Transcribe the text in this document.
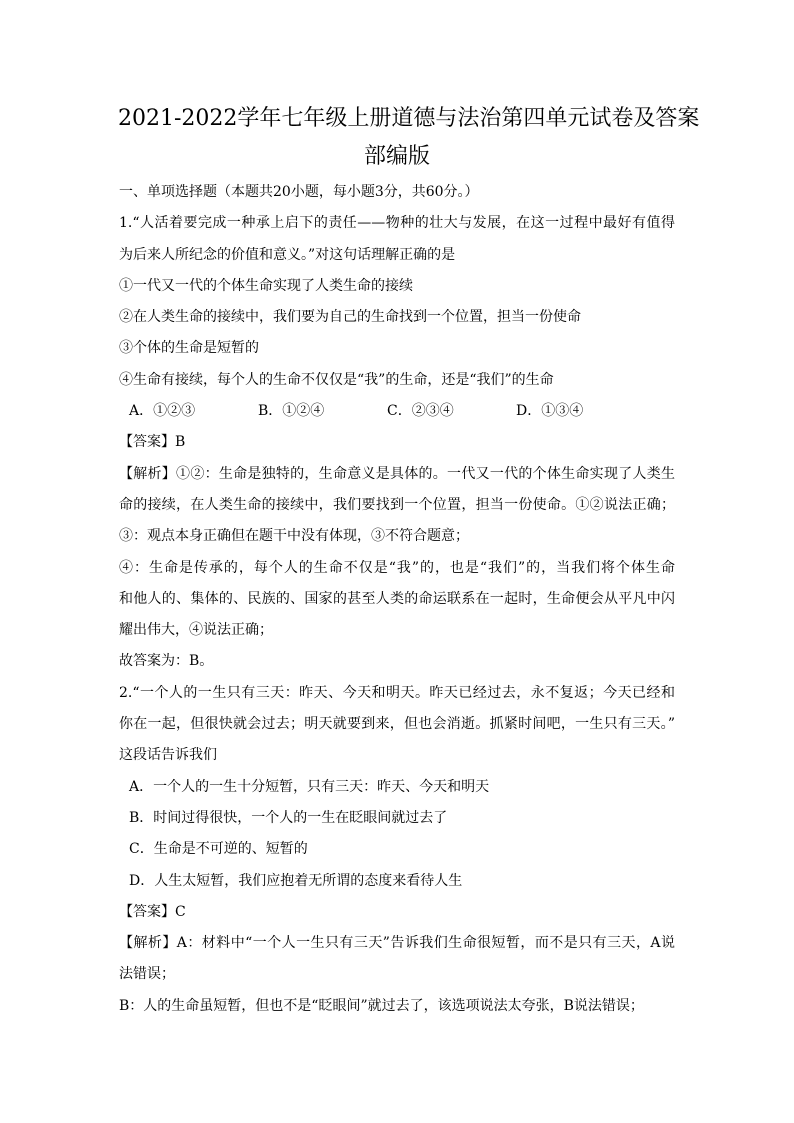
2021-2022学年七年级上册道德与法治第四单元试卷及答案
部编版
一、单项选择题（本题共20小题，每小题3分，共60分。）
1.“人活着要完成一种承上启下的责任——物种的壮大与发展，在这一过程中最好有值得
为后来人所纪念的价值和意义。”对这句话理解正确的是
①一代又一代的个体生命实现了人类生命的接续
②在人类生命的接续中，我们要为自己的生命找到一个位置，担当一份使命
③个体的生命是短暂的
④生命有接续，每个人的生命不仅仅是“我”的生命，还是“我们”的生命
A．①②③	B．①②④	C．②③④	D．①③④
【答案】B
【解析】①②：生命是独特的，生命意义是具体的。一代又一代的个体生命实现了人类生
命的接续，在人类生命的接续中，我们要找到一个位置，担当一份使命。①②说法正确；
③：观点本身正确但在题干中没有体现，③不符合题意；
④：生命是传承的，每个人的生命不仅是“我”的，也是“我们”的，当我们将个体生命
和他人的、集体的、民族的、国家的甚至人类的命运联系在一起时，生命便会从平凡中闪
耀出伟大，④说法正确；
故答案为：B。
2.“一个人的一生只有三天：昨天、今天和明天。昨天已经过去，永不复返；今天已经和
你在一起，但很快就会过去；明天就要到来，但也会消逝。抓紧时间吧，一生只有三天。”
这段话告诉我们
A．一个人的一生十分短暂，只有三天：昨天、今天和明天
B．时间过得很快，一个人的一生在眨眼间就过去了
C．生命是不可逆的、短暂的
D．人生太短暂，我们应抱着无所谓的态度来看待人生
【答案】C
【解析】A：材料中“一个人一生只有三天”告诉我们生命很短暂，而不是只有三天，A说
法错误；
B：人的生命虽短暂，但也不是“眨眼间”就过去了，该选项说法太夸张，B说法错误；
